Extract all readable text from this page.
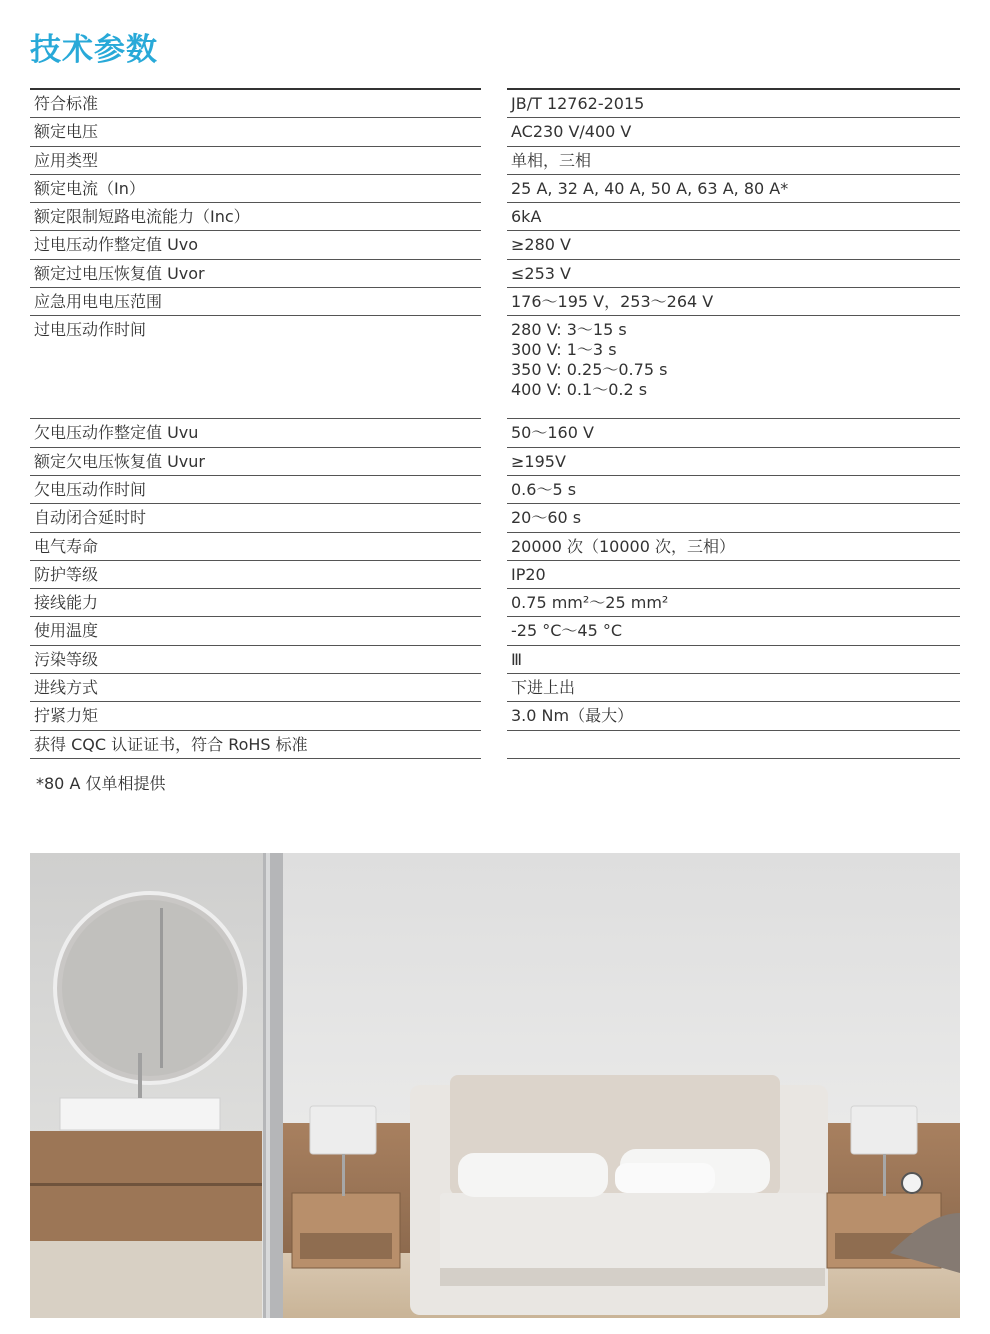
技术参数
符合标准
额定电压
应用类型
额定电流（In）
额定限制短路电流能力（Inc）
过电压动作整定值 Uvo
额定过电压恢复值 Uvor
应急用电电压范围
过电压动作时间
欠电压动作整定值 Uvu
额定欠电压恢复值 Uvur
欠电压动作时间
自动闭合延时时
电气寿命
防护等级
接线能力
使用温度
污染等级
进线方式
拧紧力矩
获得 CQC 认证证书，符合 RoHS 标准
JB/T 12762-2015
AC230 V/400 V
单相，三相
25 A, 32 A, 40 A, 50 A, 63 A, 80 A*
6kA
≥280 V
≤253 V
176～195 V，253～264 V
280 V: 3～15 s
300 V: 1～3 s
350 V: 0.25～0.75 s
400 V: 0.1～0.2 s
50～160 V
≥195V
0.6～5 s
20～60 s
20000 次（10000 次，三相）
IP20
0.75 mm²～25 mm²
-25 °C～45 °C
Ⅲ
下进上出
3.0 Nm（最大）
*80 A 仅单相提供
